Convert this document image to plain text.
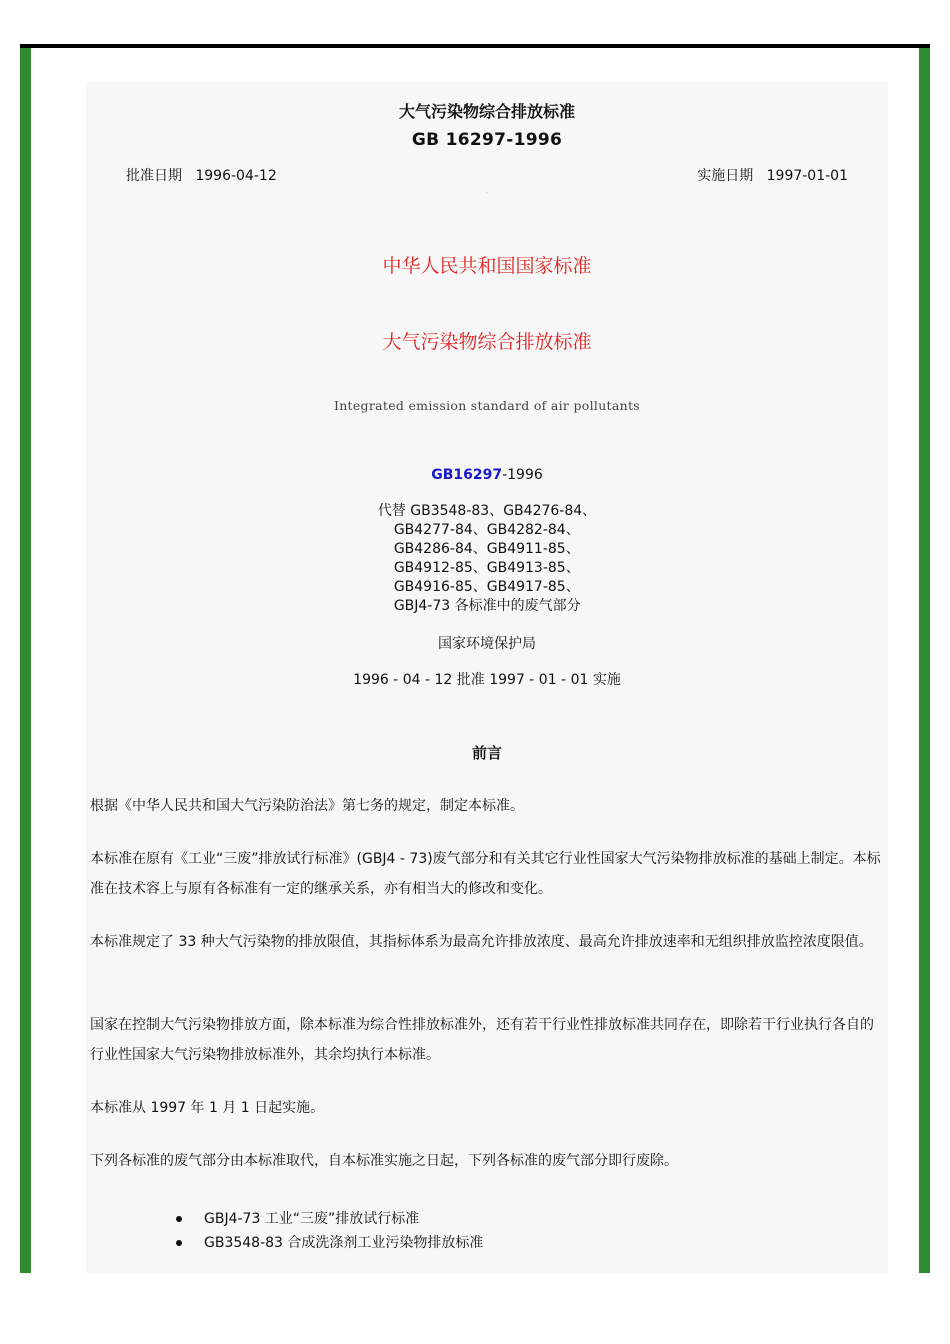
大气污染物综合排放标准

GB 16297-1996

批准日期 1996-04-12	实施日期 1997-01-01

·

中华人民共和国国家标准

大气污染物综合排放标准

Integrated emission standard of air pollutants

GB16297-1996

代替 GB3548-83、GB4276-84、
GB4277-84、GB4282-84、
GB4286-84、GB4911-85、
GB4912-85、GB4913-85、
GB4916-85、GB4917-85、
GBJ4-73 各标准中的废气部分

国家环境保护局

1996 - 04 - 12 批准 1997 - 01 - 01 实施

前言

根据《中华人民共和国大气污染防治法》第七务的规定，制定本标准。

本标准在原有《工业“三废”排放试行标准》(GBJ4 - 73)废气部分和有关其它行业性国家大气污染物排放标准的基础上制定。本标准在技术容上与原有各标准有一定的继承关系，亦有相当大的修改和变化。

本标准规定了 33 种大气污染物的排放限值，其指标体系为最高允许排放浓度、最高允许排放速率和无组织排放监控浓度限值。

国家在控制大气污染物排放方面，除本标准为综合性排放标准外，还有若干行业性排放标准共同存在，即除若干行业执行各自的行业性国家大气污染物排放标准外，其余均执行本标准。

本标准从 1997 年 1 月 1 日起实施。

下列各标准的废气部分由本标准取代，自本标准实施之日起，下列各标准的废气部分即行废除。

GBJ4-73 工业“三废”排放试行标准
GB3548-83 合成洗涤剂工业污染物排放标准
